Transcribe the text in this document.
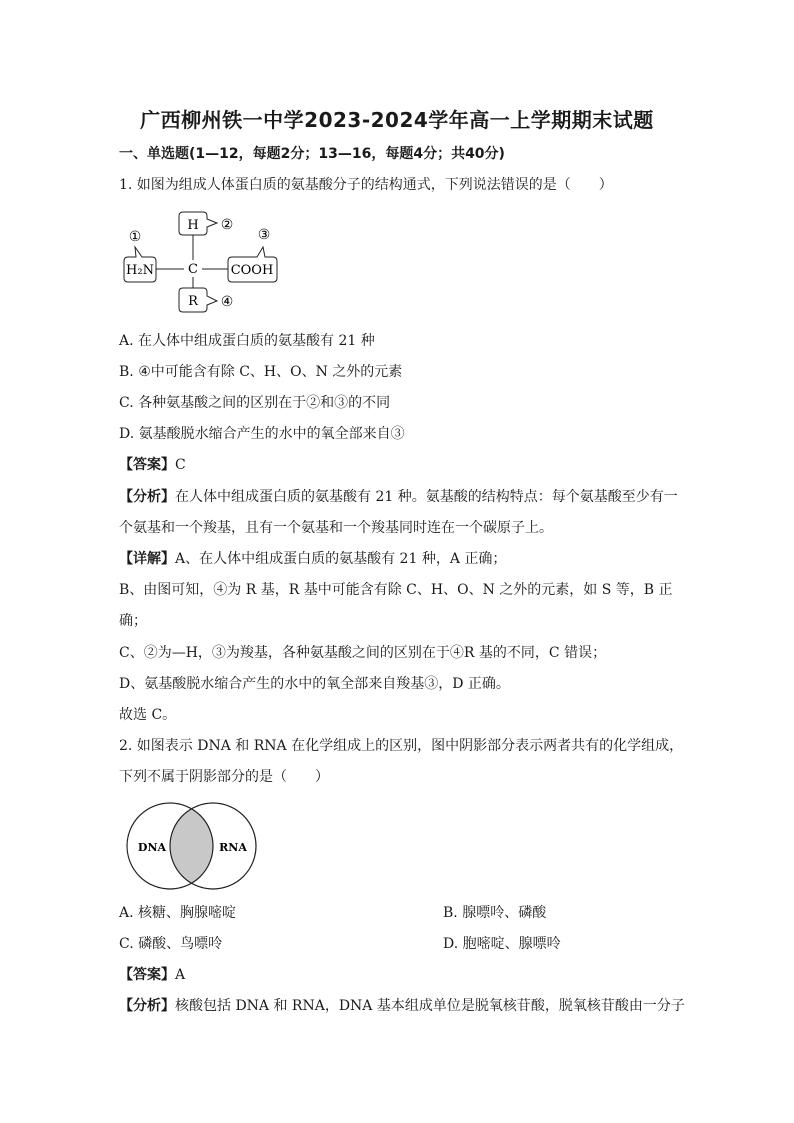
广西柳州铁一中学2023-2024学年高一上学期期末试题
一、单选题(1—12，每题2分；13—16，每题4分；共40分)
1. 如图为组成人体蛋白质的氨基酸分子的结构通式，下列说法错误的是（　　）
C
H ②
H₂N
①
COOH
③
R ④
A. 在人体中组成蛋白质的氨基酸有 21 种
B. ④中可能含有除 C、H、O、N 之外的元素
C. 各种氨基酸之间的区别在于②和③的不同
D. 氨基酸脱水缩合产生的水中的氧全部来自③
【答案】C
【分析】在人体中组成蛋白质的氨基酸有 21 种。氨基酸的结构特点：每个氨基酸至少有一
个氨基和一个羧基，且有一个氨基和一个羧基同时连在一个碳原子上。
【详解】A、在人体中组成蛋白质的氨基酸有 21 种，A 正确；
B、由图可知，④为 R 基，R 基中可能含有除 C、H、O、N 之外的元素，如 S 等，B 正
确；
C、②为—H，③为羧基，各种氨基酸之间的区别在于④R 基的不同，C 错误；
D、氨基酸脱水缩合产生的水中的氧全部来自羧基③，D 正确。
故选 C。
2. 如图表示 DNA 和 RNA 在化学组成上的区别，图中阴影部分表示两者共有的化学组成，
下列不属于阴影部分的是（　　）
DNA	RNA
A. 核糖、胸腺嘧啶	B. 腺嘌呤、磷酸
C. 磷酸、鸟嘌呤	D. 胞嘧啶、腺嘌呤
【答案】A
【分析】核酸包括 DNA 和 RNA，DNA 基本组成单位是脱氧核苷酸，脱氧核苷酸由一分子
